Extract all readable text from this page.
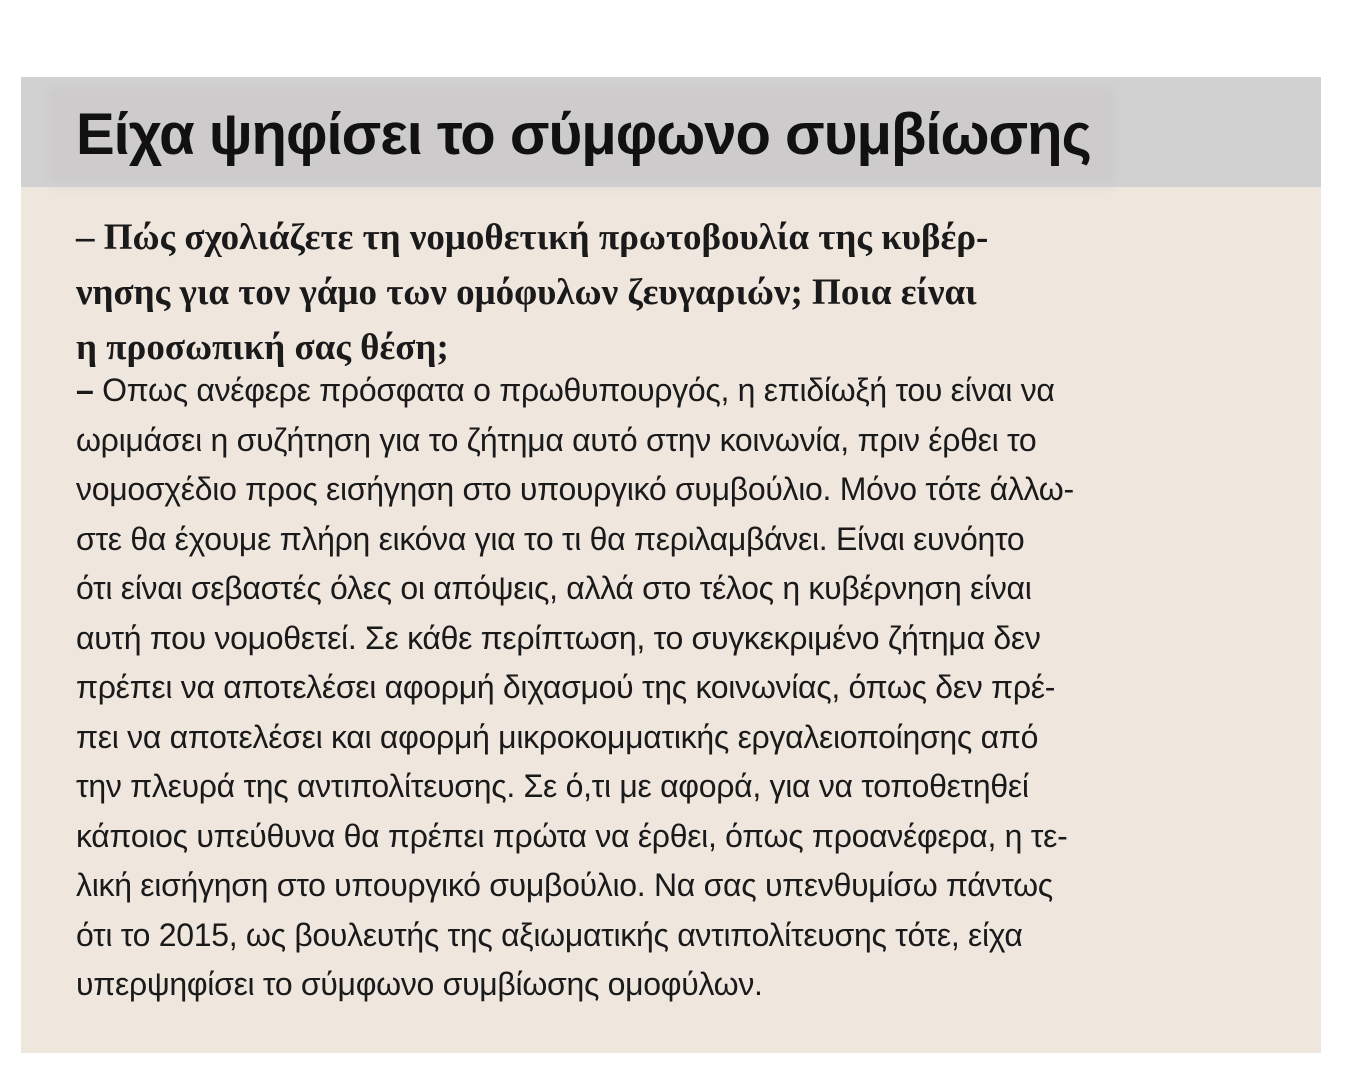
Είχα ψηφίσει το σύμφωνο συμβίωσης

– Πώς σχολιάζετε τη νομοθετική πρωτοβουλία της κυβέρ-
νησης για τον γάμο των ομόφυλων ζευγαριών; Ποια είναι
η προσωπική σας θέση;

– Οπως ανέφερε πρόσφατα ο πρωθυπουργός, η επιδίωξή του είναι να
ωριμάσει η συζήτηση για το ζήτημα αυτό στην κοινωνία, πριν έρθει το
νομοσχέδιο προς εισήγηση στο υπουργικό συμβούλιο. Μόνο τότε άλλω-
στε θα έχουμε πλήρη εικόνα για το τι θα περιλαμβάνει. Είναι ευνόητο
ότι είναι σεβαστές όλες οι απόψεις, αλλά στο τέλος η κυβέρνηση είναι
αυτή που νομοθετεί. Σε κάθε περίπτωση, το συγκεκριμένο ζήτημα δεν
πρέπει να αποτελέσει αφορμή διχασμού της κοινωνίας, όπως δεν πρέ-
πει να αποτελέσει και αφορμή μικροκομματικής εργαλειοποίησης από
την πλευρά της αντιπολίτευσης. Σε ό,τι με αφορά, για να τοποθετηθεί
κάποιος υπεύθυνα θα πρέπει πρώτα να έρθει, όπως προανέφερα, η τε-
λική εισήγηση στο υπουργικό συμβούλιο. Να σας υπενθυμίσω πάντως
ότι το 2015, ως βουλευτής της αξιωματικής αντιπολίτευσης τότε, είχα
υπερψηφίσει το σύμφωνο συμβίωσης ομοφύλων.
